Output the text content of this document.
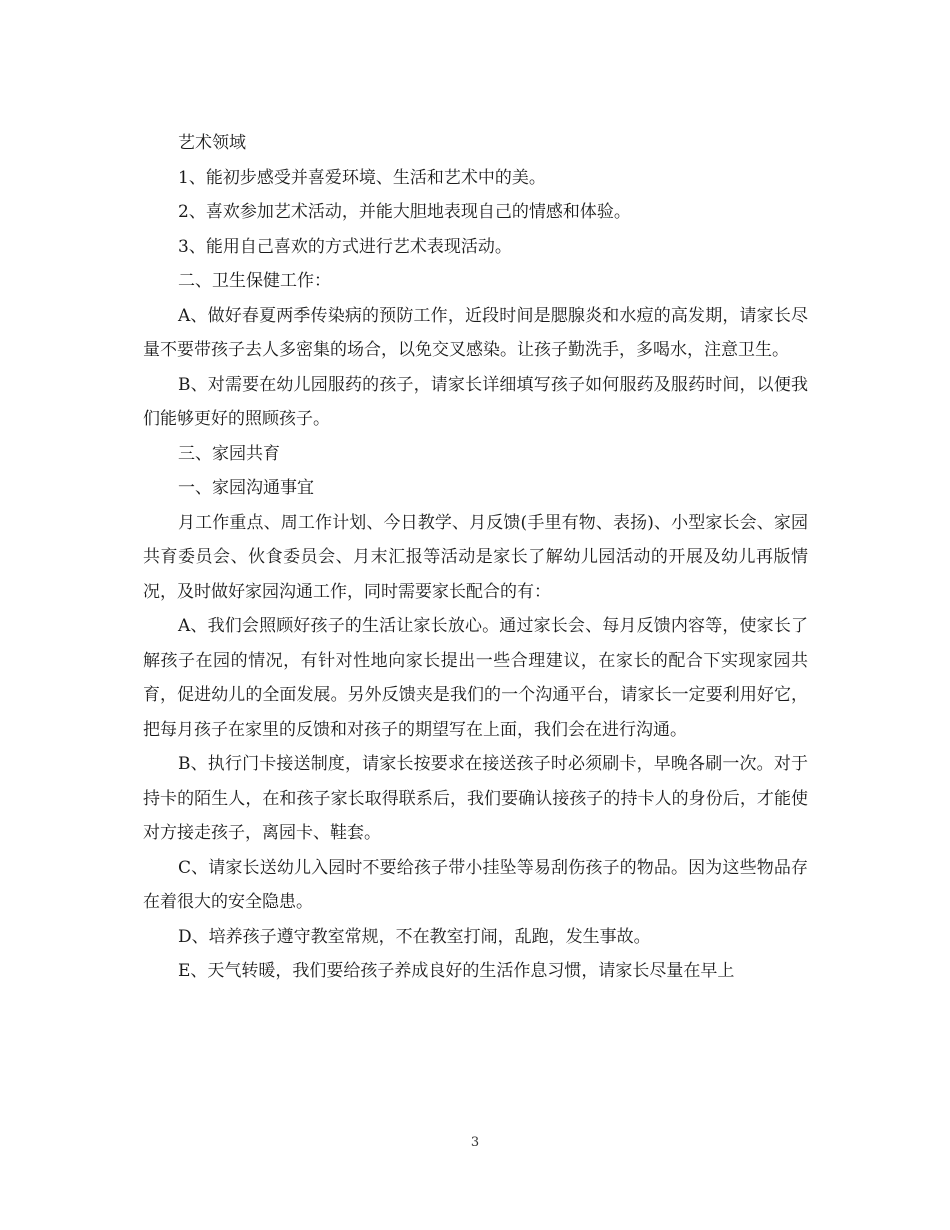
艺术领域

1、能初步感受并喜爱环境、生活和艺术中的美。

2、喜欢参加艺术活动，并能大胆地表现自己的情感和体验。

3、能用自己喜欢的方式进行艺术表现活动。

二、卫生保健工作：

A、做好春夏两季传染病的预防工作，近段时间是腮腺炎和水痘的高发期，请家长尽量不要带孩子去人多密集的场合，以免交叉感染。让孩子勤洗手，多喝水，注意卫生。

B、对需要在幼儿园服药的孩子，请家长详细填写孩子如何服药及服药时间，以便我们能够更好的照顾孩子。

三、家园共育

一、家园沟通事宜

月工作重点、周工作计划、今日教学、月反馈(手里有物、表扬)、小型家长会、家园共育委员会、伙食委员会、月末汇报等活动是家长了解幼儿园活动的开展及幼儿再版情况，及时做好家园沟通工作，同时需要家长配合的有：

A、我们会照顾好孩子的生活让家长放心。通过家长会、每月反馈内容等，使家长了解孩子在园的情况，有针对性地向家长提出一些合理建议，在家长的配合下实现家园共育，促进幼儿的全面发展。另外反馈夹是我们的一个沟通平台，请家长一定要利用好它，把每月孩子在家里的反馈和对孩子的期望写在上面，我们会在进行沟通。

B、执行门卡接送制度，请家长按要求在接送孩子时必须刷卡，早晚各刷一次。对于持卡的陌生人，在和孩子家长取得联系后，我们要确认接孩子的持卡人的身份后，才能使对方接走孩子，离园卡、鞋套。

C、请家长送幼儿入园时不要给孩子带小挂坠等易刮伤孩子的物品。因为这些物品存在着很大的安全隐患。

D、培养孩子遵守教室常规，不在教室打闹，乱跑，发生事故。

E、天气转暖，我们要给孩子养成良好的生活作息习惯，请家长尽量在早上

3
